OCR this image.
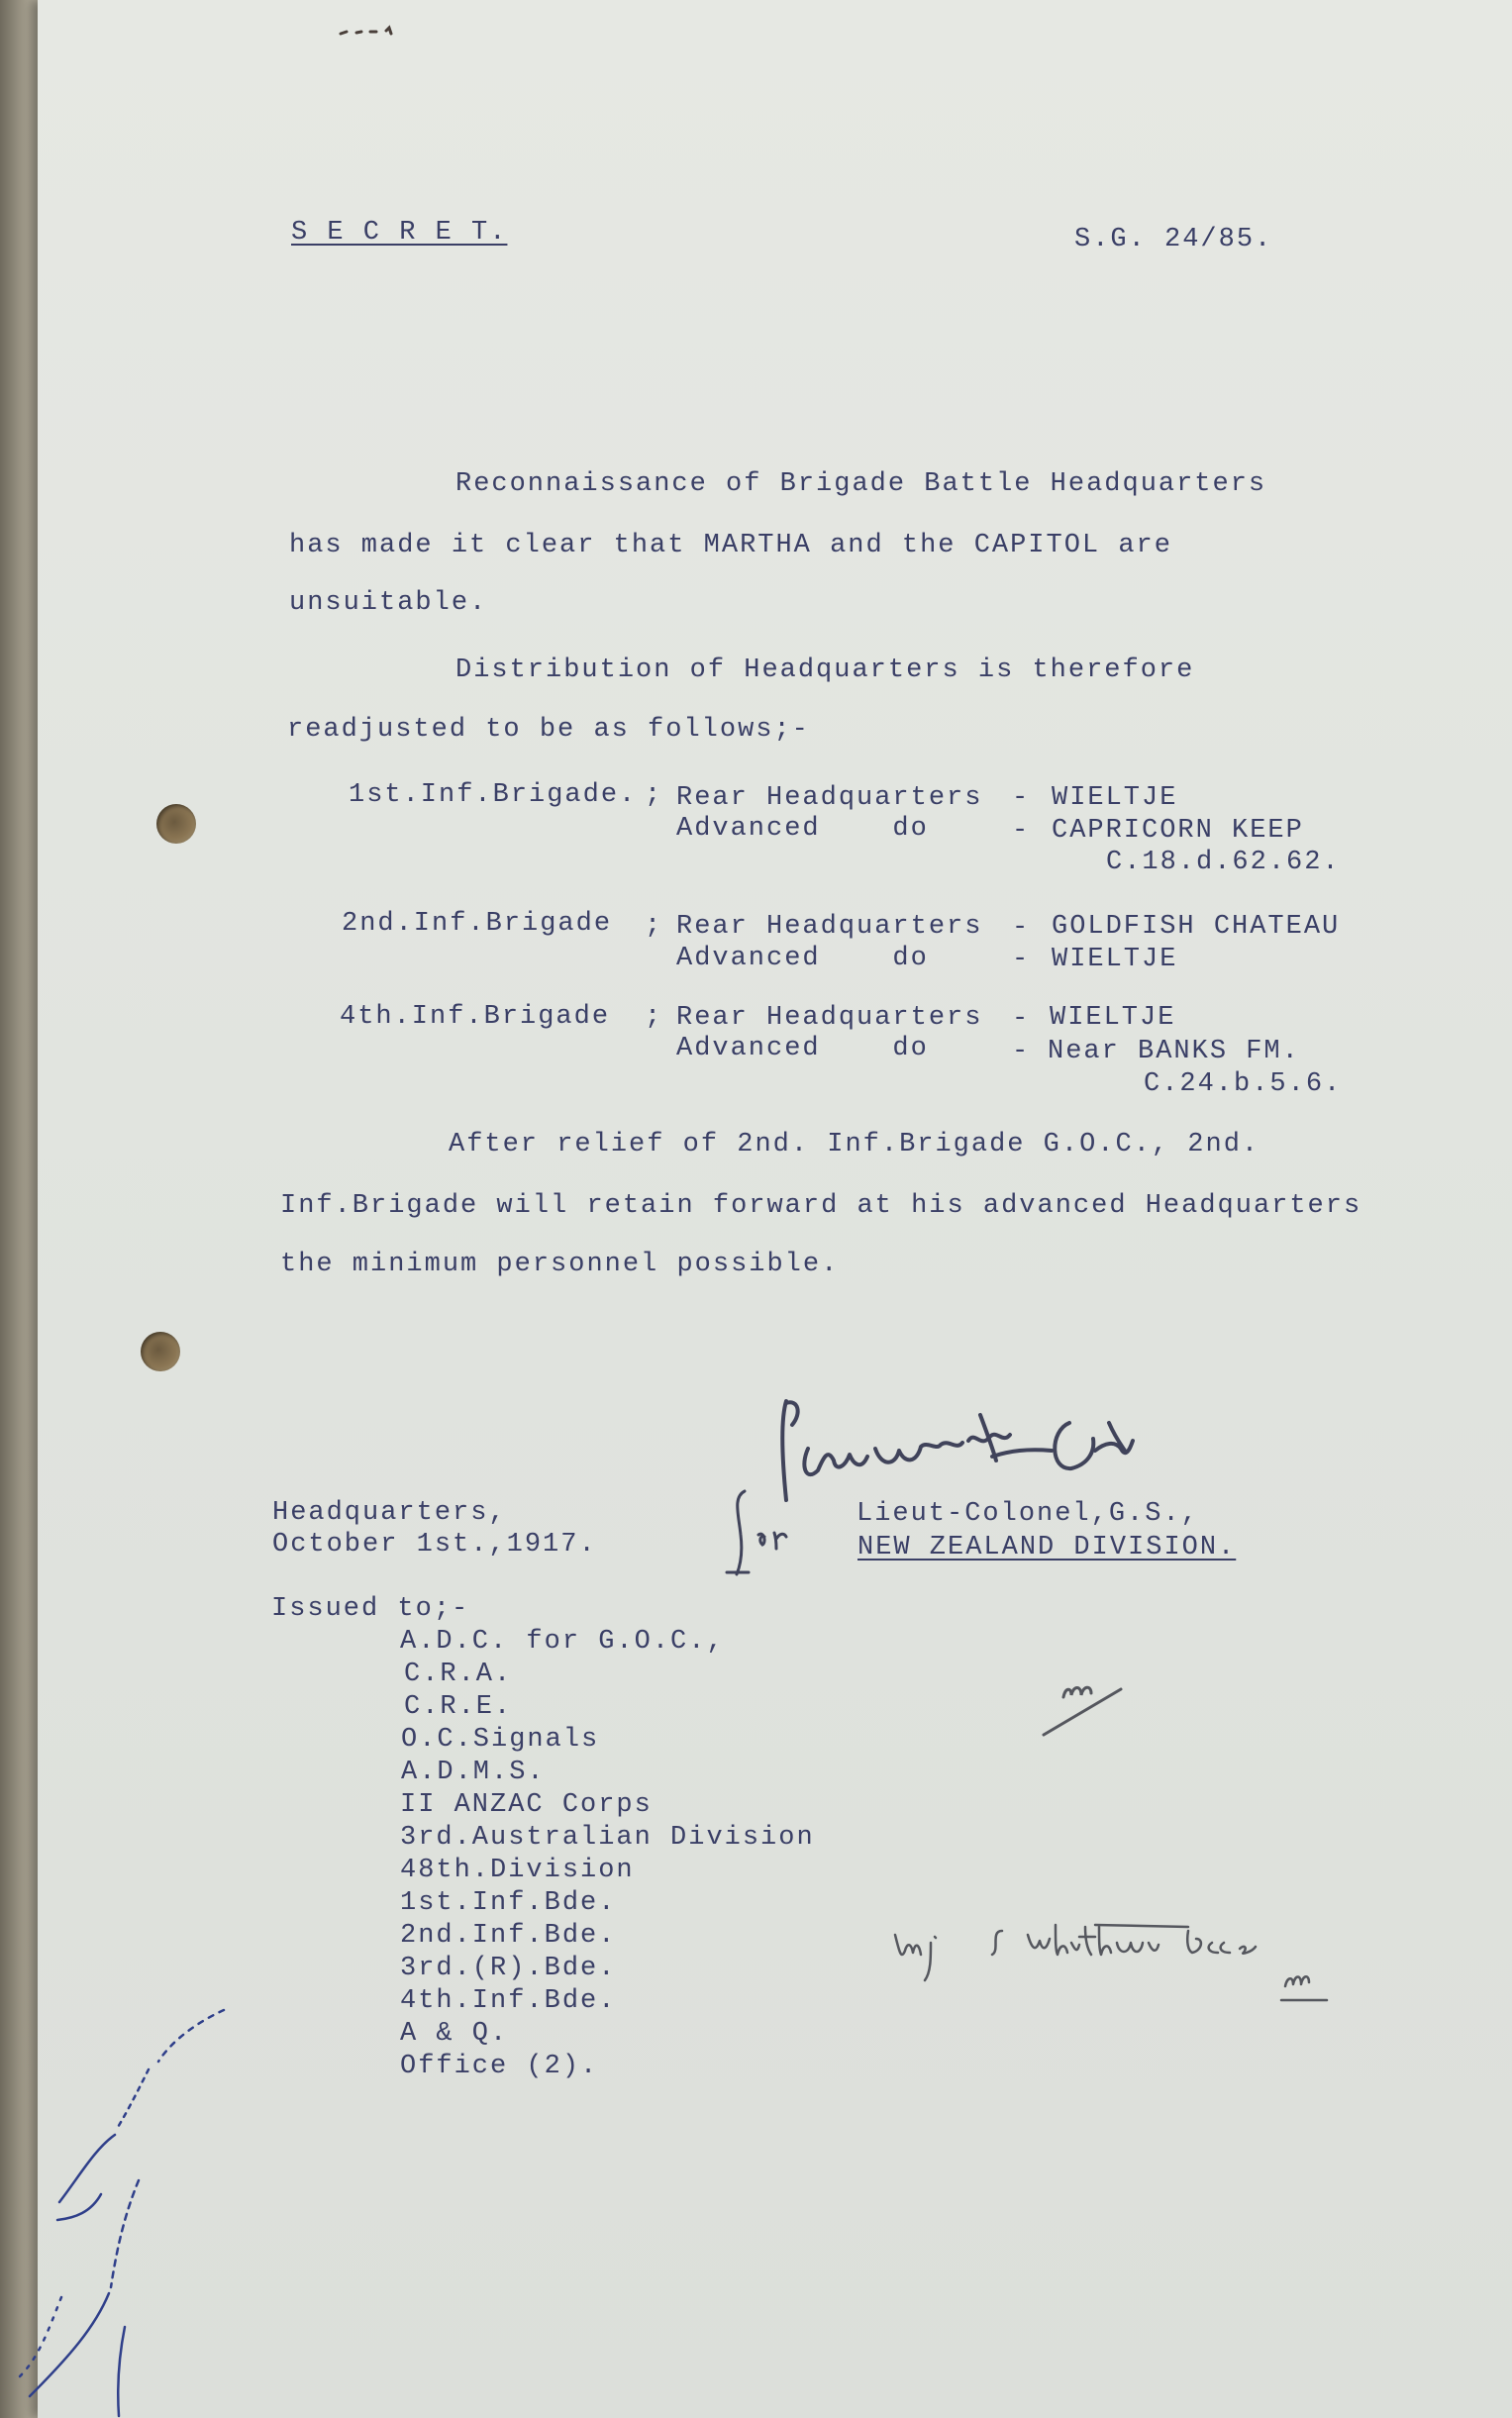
S E C R E T.	S.G. 24/85.
Reconnaissance of Brigade Battle Headquarters
has made it clear that MARTHA and the CAPITOL are
unsuitable.
Distribution of Headquarters is therefore
readjusted to be as follows;-
1st.Inf.Brigade. ; Rear Headquarters - WIELTJE
Advanced    do	- CAPRICORN KEEP
C.18.d.62.62.
2nd.Inf.Brigade ; Rear Headquarters - GOLDFISH CHATEAU
Advanced    do	- WIELTJE
4th.Inf.Brigade ; Rear Headquarters - WIELTJE
Advanced    do	- Near BANKS FM.
C.24.b.5.6.
After relief of 2nd. Inf.Brigade G.O.C., 2nd.
Inf.Brigade will retain forward at his advanced Headquarters
the minimum personnel possible.
Headquarters,
October 1st.,1917.
Lieut-Colonel,G.S.,
NEW ZEALAND DIVISION.
Issued to;-
A.D.C. for G.O.C.,
C.R.A.
C.R.E.
O.C.Signals
A.D.M.S.
II ANZAC Corps
3rd.Australian Division
48th.Division
1st.Inf.Bde.
2nd.Inf.Bde.
3rd.(R).Bde.
4th.Inf.Bde.
A & Q.
Office (2).
